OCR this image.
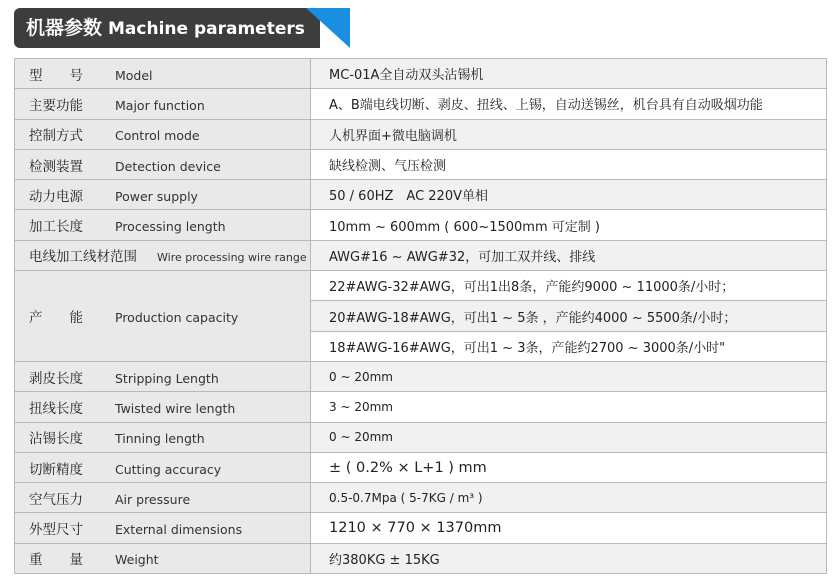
机器参数 Machine parameters
型　　号 Model	MC-01A全自动双头沾锡机
主要功能 Major function	A、B端电线切断、剥皮、扭线、上锡，自动送锡丝，机台具有自动吸烟功能
控制方式 Control mode	人机界面+微电脑调机
检测装置 Detection device	缺线检测、气压检测
动力电源 Power supply	50 / 60HZ　AC 220V单相
加工长度 Processing length	10mm ~ 600mm ( 600~1500mm 可定制 )
电线加工线材范围 Wire processing wire range	AWG#16 ~ AWG#32，可加工双并线、排线
产　　能 Production capacity	22#AWG-32#AWG，可出1出8条，产能约9000 ~ 11000条/小时；
	20#AWG-18#AWG，可出1 ~ 5条 ，产能约4000 ~ 5500条/小时；
	18#AWG-16#AWG，可出1 ~ 3条，产能约2700 ~ 3000条/小时"
剥皮长度 Stripping Length	0 ~ 20mm
扭线长度 Twisted wire length	3 ~ 20mm
沾锡长度 Tinning length	0 ~ 20mm
切断精度 Cutting accuracy	± ( 0.2% × L+1 ) mm
空气压力 Air pressure	0.5-0.7Mpa ( 5-7KG / m³ )
外型尺寸 External dimensions	1210 × 770 × 1370mm
重　　量 Weight	约380KG ± 15KG
